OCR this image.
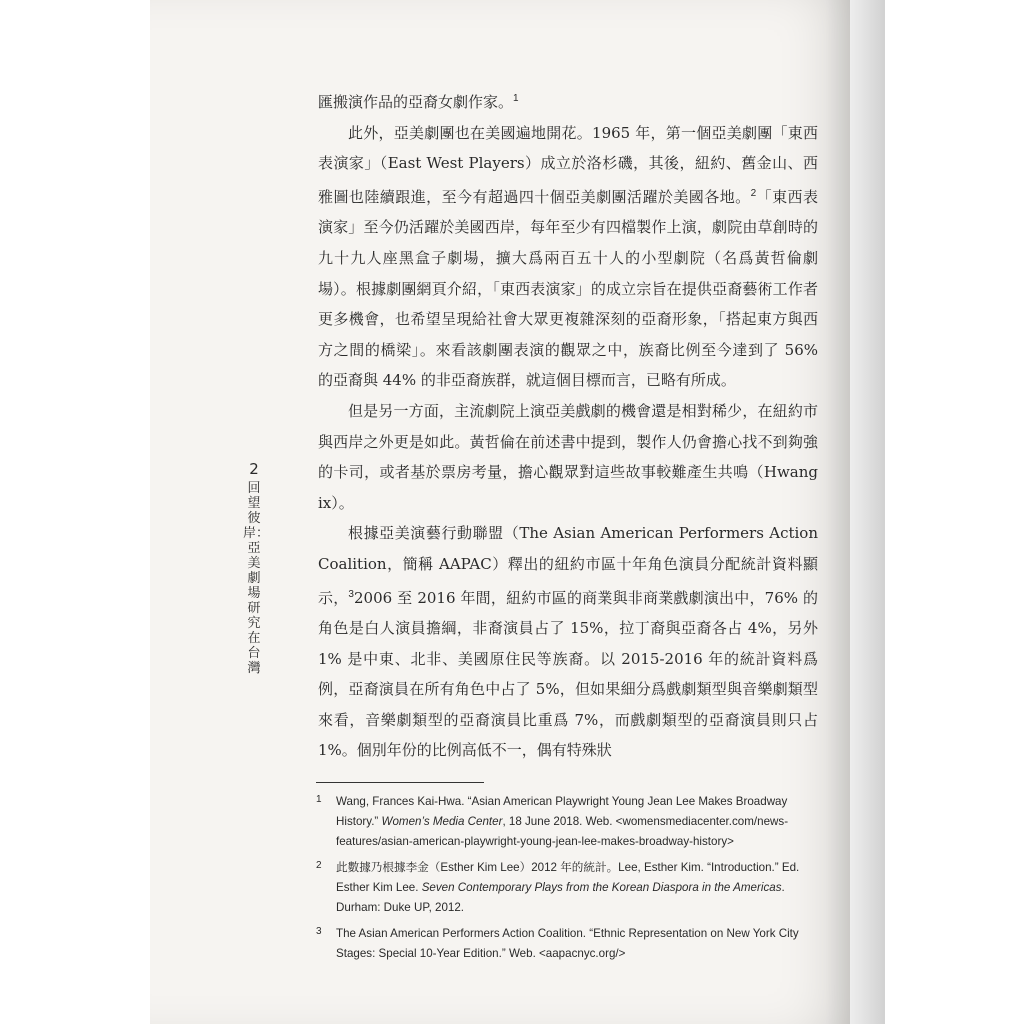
2
回望彼岸：亞美劇場研究在台灣

匯搬演作品的亞裔女劇作家。$^1$

此外，亞美劇團也在美國遍地開花。1965 年，第一個亞美劇團「東西表演家」（East West Players）成立於洛杉磯，其後，紐約、舊金山、西雅圖也陸續跟進，至今有超過四十個亞美劇團活躍於美國各地。$^2$「東西表演家」至今仍活躍於美國西岸，每年至少有四檔製作上演，劇院由草創時的九十九人座黑盒子劇場，擴大爲兩百五十人的小型劇院（名爲黃哲倫劇場）。根據劇團網頁介紹，「東西表演家」的成立宗旨在提供亞裔藝術工作者更多機會，也希望呈現給社會大眾更複雜深刻的亞裔形象，「搭起東方與西方之間的橋梁」。來看該劇團表演的觀眾之中，族裔比例至今達到了 56% 的亞裔與 44% 的非亞裔族群，就這個目標而言，已略有所成。

但是另一方面，主流劇院上演亞美戲劇的機會還是相對稀少，在紐約市與西岸之外更是如此。黃哲倫在前述書中提到，製作人仍會擔心找不到夠強的卡司，或者基於票房考量，擔心觀眾對這些故事較難產生共鳴（Hwang ix）。

根據亞美演藝行動聯盟（The Asian American Performers Action Coalition，簡稱 AAPAC）釋出的紐約市區十年角色演員分配統計資料顯示，$^3$2006 至 2016 年間，紐約市區的商業與非商業戲劇演出中，76% 的角色是白人演員擔綱，非裔演員占了 15%，拉丁裔與亞裔各占 4%，另外 1% 是中東、北非、美國原住民等族裔。以 2015-2016 年的統計資料爲例，亞裔演員在所有角色中占了 5%，但如果細分爲戲劇類型與音樂劇類型來看，音樂劇類型的亞裔演員比重爲 7%，而戲劇類型的亞裔演員則只占 1%。個別年份的比例高低不一，偶有特殊狀

1 Wang, Frances Kai-Hwa. “Asian American Playwright Young Jean Lee Makes Broadway History.” Women’s Media Center, 18 June 2018. Web. <womensmediacenter.com/news-features/asian-american-playwright-young-jean-lee-makes-broadway-history>
2 此數據乃根據李金（Esther Kim Lee）2012 年的統計。Lee, Esther Kim. “Introduction.” Ed. Esther Kim Lee. Seven Contemporary Plays from the Korean Diaspora in the Americas. Durham: Duke UP, 2012.
3 The Asian American Performers Action Coalition. “Ethnic Representation on New York City Stages: Special 10-Year Edition.” Web. <aapacnyc.org/>
